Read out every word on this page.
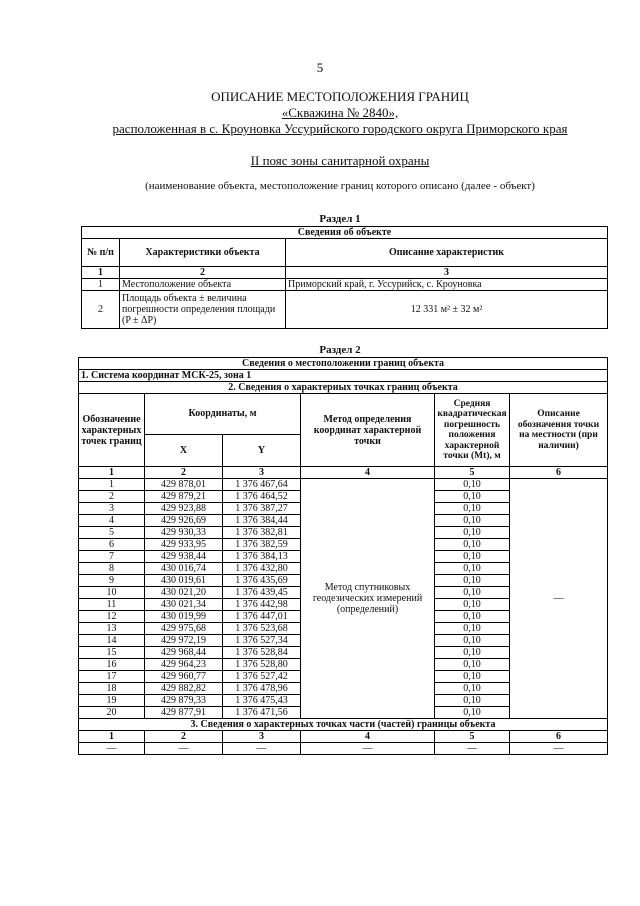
5
ОПИСАНИЕ МЕСТОПОЛОЖЕНИЯ ГРАНИЦ
«Скважина № 2840»,
расположенная в с. Кроуновка Уссурийского городского округа Приморского края
II пояс зоны санитарной охраны
(наименование объекта, местоположение границ которого описано (далее - объект)
Раздел 1
Сведения об объекте		
№ п/п	Характеристики объекта	Описание характеристик
1	2	3
1	Местоположение объекта	Приморский край, г. Уссурийск, с. Кроуновка
2	Площадь объекта ± величина погрешности определения площади (P ± ΔP)	12 331 м² ± 32 м²
Раздел 2
Сведения о местоположении границ объекта					
1. Система координат МСК-25, зона 1					
2. Сведения о характерных точках границ объекта					
Обозначение характерных точек границ	Координаты, м		Метод определения координат характерной точки	Средняя квадратическая погрешность положения характерной точки (Mt), м	Описание обозначения точки на местности (при наличии)
	X	Y			
1	2	3	4	5	6
1	429 878,01	1 376 467,64	Метод спутниковых геодезических измерений (определений)	0,10	—
2	429 879,21	1 376 464,52		0,10	
3	429 923,88	1 376 387,27		0,10	
4	429 926,69	1 376 384,44		0,10	
5	429 930,33	1 376 382,81		0,10	
6	429 933,95	1 376 382,59		0,10	
7	429 938,44	1 376 384,13		0,10	
8	430 016,74	1 376 432,80		0,10	
9	430 019,61	1 376 435,69		0,10	
10	430 021,20	1 376 439,45		0,10	
11	430 021,34	1 376 442,98		0,10	
12	430 019,99	1 376 447,01		0,10	
13	429 975,68	1 376 523,68		0,10	
14	429 972,19	1 376 527,34		0,10	
15	429 968,44	1 376 528,84		0,10	
16	429 964,23	1 376 528,80		0,10	
17	429 960,77	1 376 527,42		0,10	
18	429 882,82	1 376 478,96		0,10	
19	429 879,33	1 376 475,43		0,10	
20	429 877,91	1 376 471,56		0,10	
3. Сведения о характерных точках части (частей) границы объекта					
1	2	3	4	5	6
—	—	—	—	—	—
